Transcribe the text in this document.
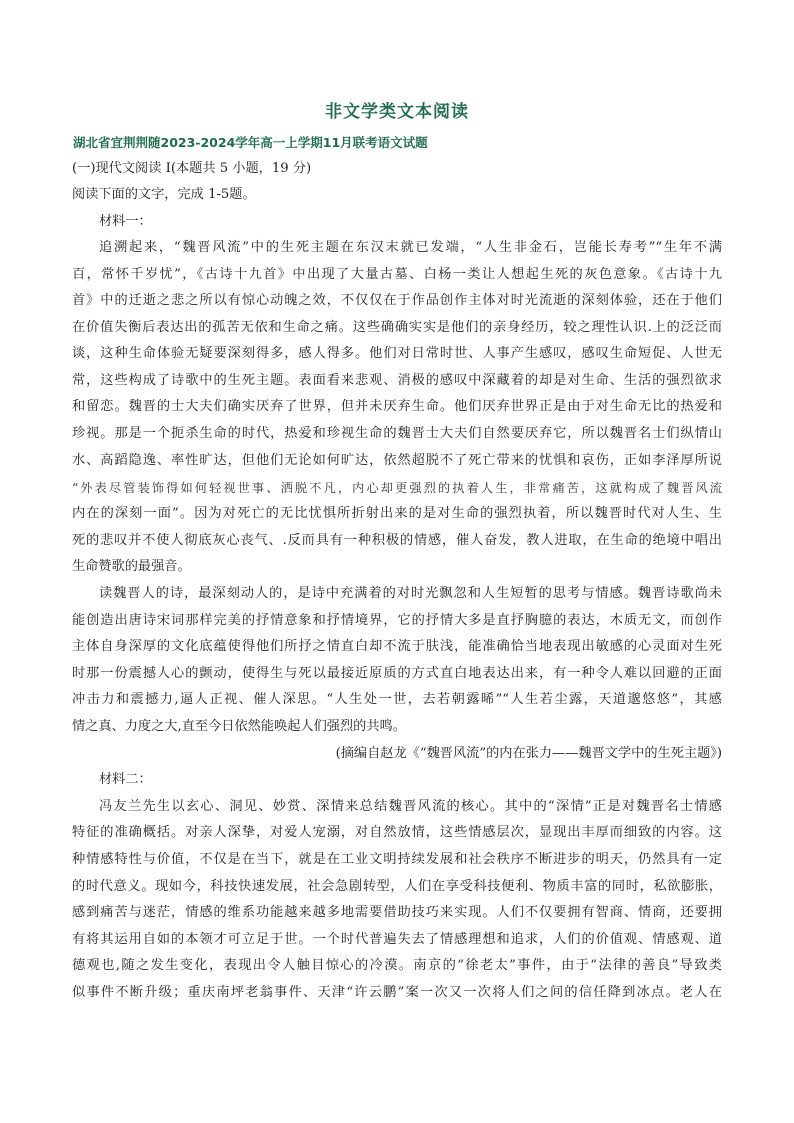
非文学类文本阅读
湖北省宜荆荆随2023-2024学年高一上学期11月联考语文试题
(一)现代文阅读 I(本题共 5 小题，19 分)
阅读下面的文字，完成 1-5题。
材料一：
追溯起来，“魏晋风流”中的生死主题在东汉末就已发端，“人生非金石，岂能长寿考”“生年不满
百，常怀千岁忧”，《古诗十九首》中出现了大量古墓、白杨一类让人想起生死的灰色意象。《古诗十九
首》中的迁逝之悲之所以有惊心动魄之效，不仅仅在于作品创作主体对时光流逝的深刻体验，还在于他们
在价值失衡后表达出的孤苦无依和生命之痛。这些确确实实是他们的亲身经历，较之理性认识.上的泛泛而
谈，这种生命体验无疑要深刻得多，感人得多。他们对日常时世、人事产生感叹，感叹生命短促、人世无
常，这些构成了诗歌中的生死主题。表面看来悲观、消极的感叹中深藏着的却是对生命、生活的强烈欲求
和留恋。魏晋的士大夫们确实厌弃了世界，但并未厌弃生命。他们厌弃世界正是由于对生命无比的热爱和
珍视。那是一个扼杀生命的时代，热爱和珍视生命的魏晋士大夫们自然要厌弃它，所以魏晋名士们纵情山
水、高蹈隐逸、率性旷达，但他们无论如何旷达，依然超脱不了死亡带来的忧惧和哀伤，正如李泽厚所说
“外表尽管装饰得如何轻视世事、洒脱不凡，内心却更强烈的执着人生，非常痛苦，这就构成了魏晋风流
内在的深刻一面”。因为对死亡的无比忧惧所折射出来的是对生命的强烈执着，所以魏晋时代对人生、生
死的悲叹并不使人彻底灰心丧气、.反而具有一种积极的情感，催人奋发，教人进取，在生命的绝境中唱出
生命赞歌的最强音。
读魏晋人的诗，最深刻动人的，是诗中充满着的对时光飘忽和人生短暂的思考与情感。魏晋诗歌尚未
能创造出唐诗宋词那样完美的抒情意象和抒情境界，它的抒情大多是直抒胸臆的表达，木质无文，而创作
主体自身深厚的文化底蕴使得他们所抒之情直白却不流于肤浅，能准确恰当地表现出敏感的心灵面对生死
时那一份震撼人心的颤动，使得生与死以最接近原质的方式直白地表达出来，有一种令人难以回避的正面
冲击力和震撼力,逼人正视、催人深思。“人生处一世，去若朝露晞”“人生若尘露，天道邈悠悠”，其感
情之真、力度之大,直至今日依然能唤起人们强烈的共鸣。
(摘编自赵龙《“魏晋风流”的内在张力——魏晋文学中的生死主题》)
材料二：
冯友兰先生以玄心、洞见、妙赏、深情来总结魏晋风流的核心。其中的“深情”正是对魏晋名士情感
特征的准确概括。对亲人深挚，对爱人宠溺，对自然放情，这些情感层次，显现出丰厚而细致的内容。这
种情感特性与价值，不仅是在当下，就是在工业文明持续发展和社会秩序不断进步的明天，仍然具有一定
的时代意义。现如今，科技快速发展，社会急剧转型，人们在享受科技便利、物质丰富的同时，私欲膨胀，
感到痛苦与迷茫，情感的维系功能越来越多地需要借助技巧来实现。人们不仅要拥有智商、情商，还要拥
有将其运用自如的本领才可立足于世。一个时代普遍失去了情感理想和追求，人们的价值观、情感观、道
德观也,随之发生变化，表现出令人触目惊心的冷漠。南京的“徐老太”事件，由于“法律的善良”导致类
似事件不断升级；重庆南坪老翁事件、天津“许云鹏”案一次又一次将人们之间的信任降到冰点。老人在
